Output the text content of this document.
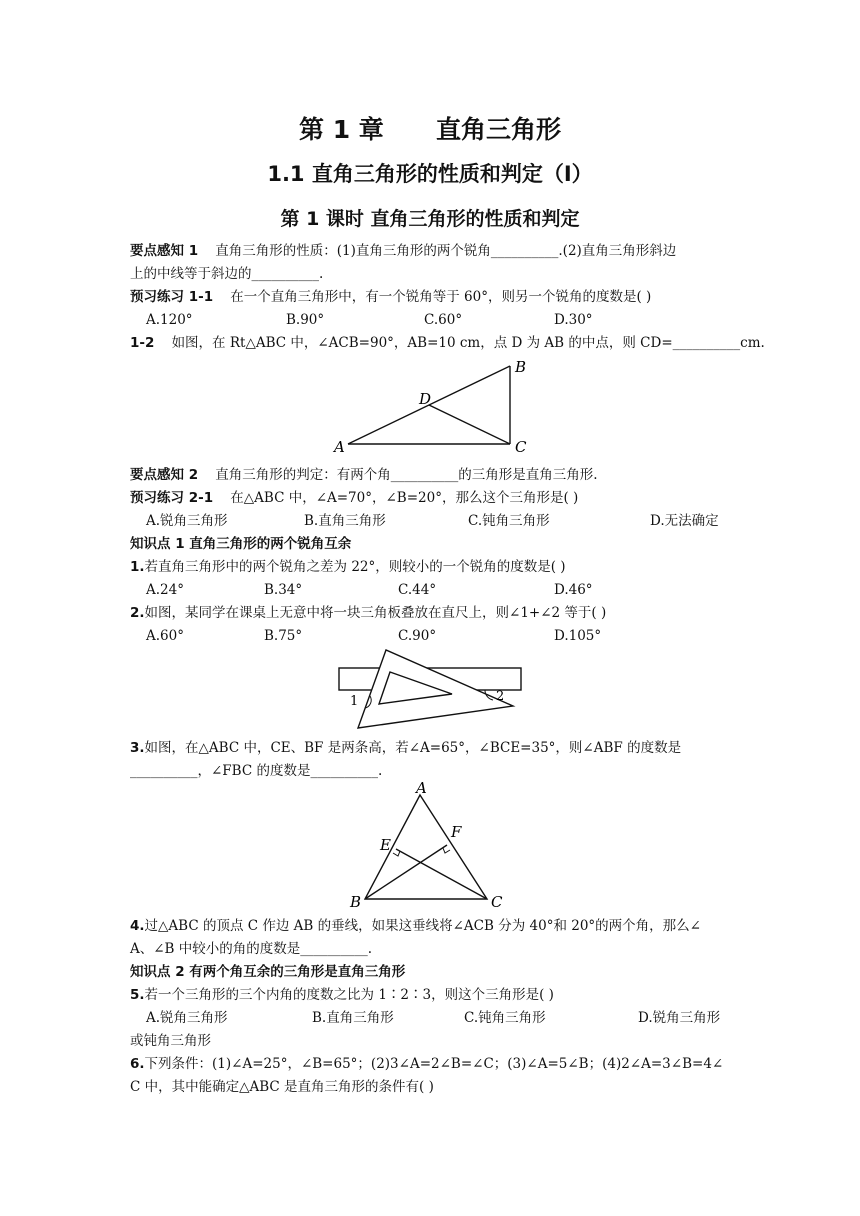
第 1 章      直角三角形
1.1 直角三角形的性质和判定（I）
第 1 课时 直角三角形的性质和判定
要点感知 1 直角三角形的性质：(1)直角三角形的两个锐角__________.(2)直角三角形斜边
上的中线等于斜边的__________.
预习练习 1-1 在一个直角三角形中，有一个锐角等于 60°，则另一个锐角的度数是( )
A.120°	B.90°	C.60°	D.30°
1-2 如图，在 Rt△ABC 中，∠ACB=90°，AB=10 cm，点 D 为 AB 的中点，则 CD=__________cm.
A
B
C
D
要点感知 2 直角三角形的判定：有两个角__________的三角形是直角三角形.
预习练习 2-1 在△ABC 中，∠A=70°，∠B=20°，那么这个三角形是( )
A.锐角三角形	B.直角三角形	C.钝角三角形	D.无法确定
知识点 1 直角三角形的两个锐角互余
1.若直角三角形中的两个锐角之差为 22°，则较小的一个锐角的度数是( )
A.24°	B.34°	C.44°	D.46°
2.如图，某同学在课桌上无意中将一块三角板叠放在直尺上，则∠1+∠2 等于( )
A.60°	B.75°	C.90°	D.105°
1	2
3.如图，在△ABC 中，CE、BF 是两条高，若∠A=65°，∠BCE=35°，则∠ABF 的度数是
__________，∠FBC 的度数是__________.
A
B	C
E
F
4.过△ABC 的顶点 C 作边 AB 的垂线，如果这垂线将∠ACB 分为 40°和 20°的两个角，那么∠
A、∠B 中较小的角的度数是__________.
知识点 2 有两个角互余的三角形是直角三角形
5.若一个三角形的三个内角的度数之比为 1∶2∶3，则这个三角形是( )
A.锐角三角形	B.直角三角形	C.钝角三角形	D.锐角三角形
或钝角三角形
6.下列条件：(1)∠A=25°，∠B=65°；(2)3∠A=2∠B=∠C；(3)∠A=5∠B；(4)2∠A=3∠B=4∠
C 中，其中能确定△ABC 是直角三角形的条件有( )
